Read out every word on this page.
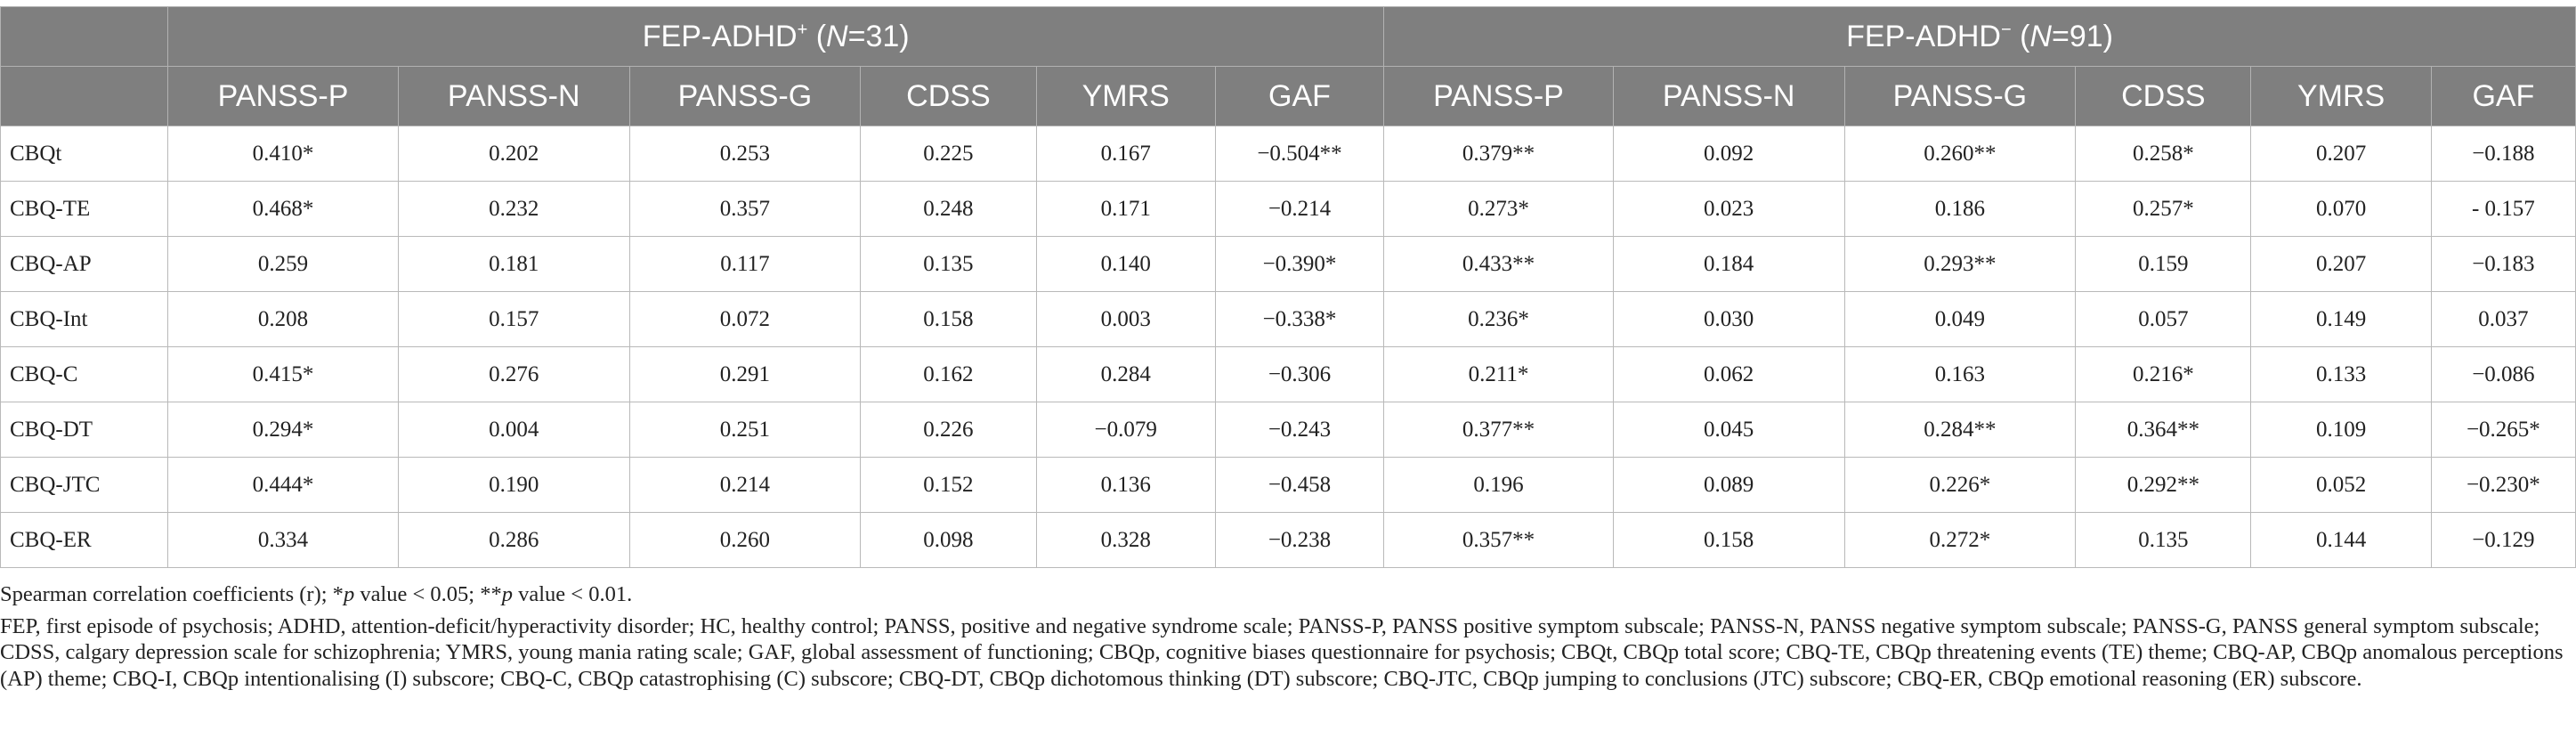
	FEP-ADHD+ (N=31)						FEP-ADHD− (N=91)					
	PANSS-P	PANSS-N	PANSS-G	CDSS	YMRS	GAF	PANSS-P	PANSS-N	PANSS-G	CDSS	YMRS	GAF
CBQt	0.410*	0.202	0.253	0.225	0.167	−0.504**	0.379**	0.092	0.260**	0.258*	0.207	−0.188
CBQ-TE	0.468*	0.232	0.357	0.248	0.171	−0.214	0.273*	0.023	0.186	0.257*	0.070	- 0.157
CBQ-AP	0.259	0.181	0.117	0.135	0.140	−0.390*	0.433**	0.184	0.293**	0.159	0.207	−0.183
CBQ-Int	0.208	0.157	0.072	0.158	0.003	−0.338*	0.236*	0.030	0.049	0.057	0.149	0.037
CBQ-C	0.415*	0.276	0.291	0.162	0.284	−0.306	0.211*	0.062	0.163	0.216*	0.133	−0.086
CBQ-DT	0.294*	0.004	0.251	0.226	−0.079	−0.243	0.377**	0.045	0.284**	0.364**	0.109	−0.265*
CBQ-JTC	0.444*	0.190	0.214	0.152	0.136	−0.458	0.196	0.089	0.226*	0.292**	0.052	−0.230*
CBQ-ER	0.334	0.286	0.260	0.098	0.328	−0.238	0.357**	0.158	0.272*	0.135	0.144	−0.129

Spearman correlation coefficients (r); *p value < 0.05; **p value < 0.01.

FEP, first episode of psychosis; ADHD, attention-deficit/hyperactivity disorder; HC, healthy control; PANSS, positive and negative syndrome scale; PANSS-P, PANSS positive symptom subscale; PANSS-N, PANSS negative symptom subscale; PANSS-G, PANSS general symptom subscale; CDSS, calgary depression scale for schizophrenia; YMRS, young mania rating scale; GAF, global assessment of functioning; CBQp, cognitive biases questionnaire for psychosis; CBQt, CBQp total score; CBQ-TE, CBQp threatening events (TE) theme; CBQ-AP, CBQp anomalous perceptions (AP) theme; CBQ-I, CBQp intentionalising (I) subscore; CBQ-C, CBQp catastrophising (C) subscore; CBQ-DT, CBQp dichotomous thinking (DT) subscore; CBQ-JTC, CBQp jumping to conclusions (JTC) subscore; CBQ-ER, CBQp emotional reasoning (ER) subscore.
